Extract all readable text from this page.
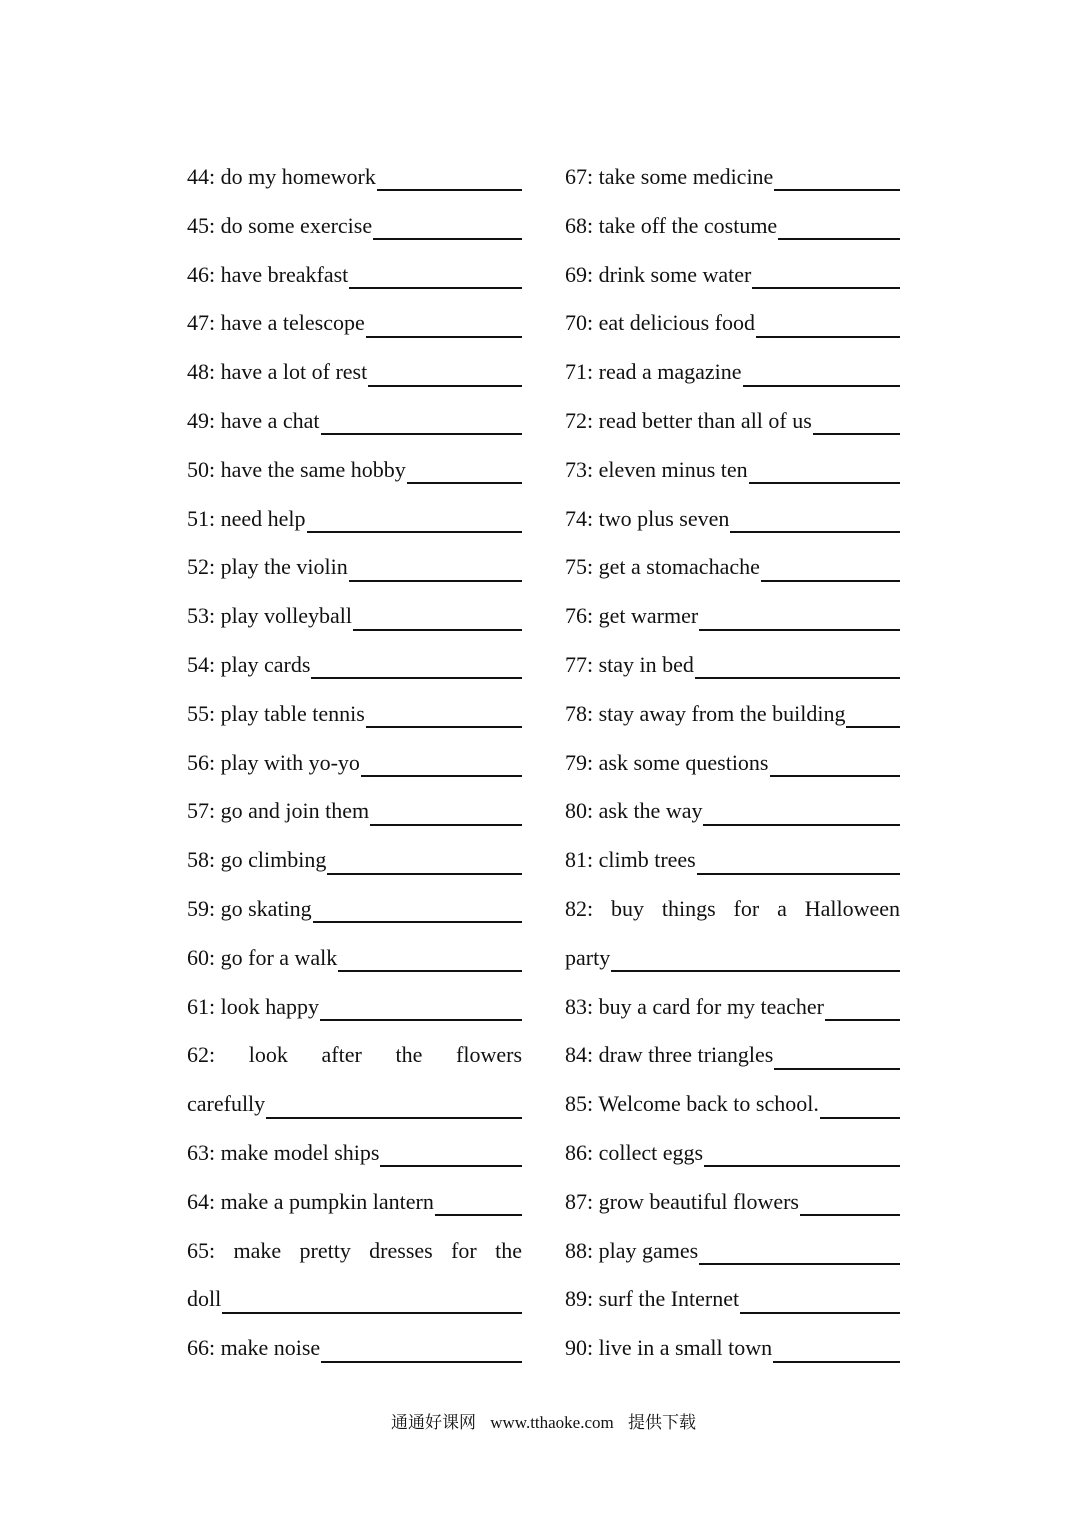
44: do my homework
45: do some exercise
46: have breakfast
47: have a telescope
48: have a lot of rest
49: have a chat
50: have the same hobby
51: need help
52: play the violin
53: play volleyball
54: play cards
55: play table tennis
56: play with yo-yo
57: go and join them
58: go climbing
59: go skating
60: go for a walk
61: look happy
62: look after the flowers
carefully
63: make model ships
64: make a pumpkin lantern
65: make pretty dresses for the
doll
66: make noise
67: take some medicine
68: take off the costume
69: drink some water
70: eat delicious food
71: read a magazine
72: read better than all of us
73: eleven minus ten
74: two plus seven
75: get a stomachache
76: get warmer
77: stay in bed
78: stay away from the building
79: ask some questions
80: ask the way
81: climb trees
82: buy things for a Halloween
party
83: buy a card for my teacher
84: draw three triangles
85: Welcome back to school.
86: collect eggs
87: grow beautiful flowers
88: play games
89: surf the Internet
90: live in a small town
通通好课网 www.tthaoke.com 提供下载
